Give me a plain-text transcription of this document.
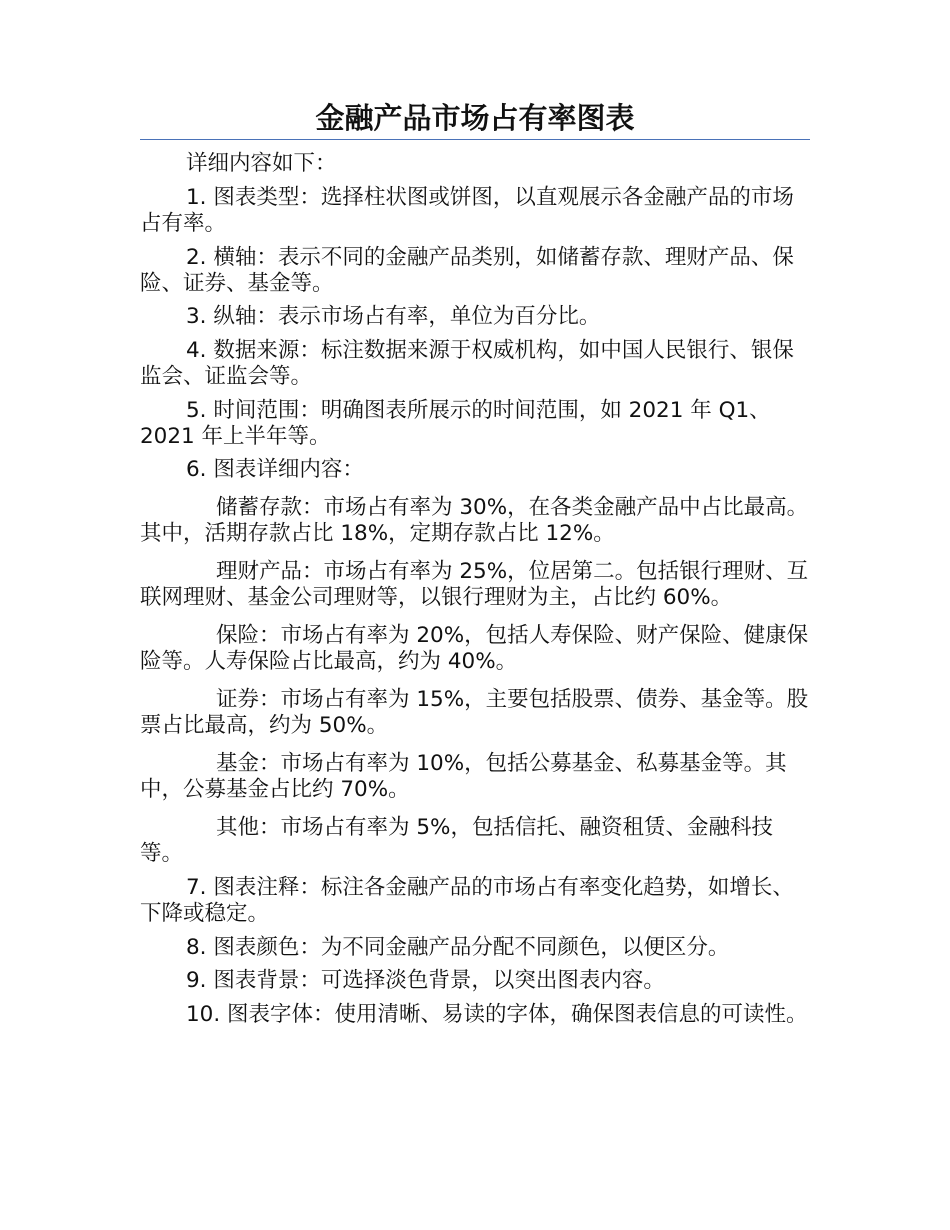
金融产品市场占有率图表

详细内容如下：

1. 图表类型：选择柱状图或饼图，以直观展示各金融产品的市场占有率。

2. 横轴：表示不同的金融产品类别，如储蓄存款、理财产品、保险、证券、基金等。

3. 纵轴：表示市场占有率，单位为百分比。

4. 数据来源：标注数据来源于权威机构，如中国人民银行、银保监会、证监会等。

5. 时间范围：明确图表所展示的时间范围，如 2021 年 Q1、2021 年上半年等。

6. 图表详细内容：

储蓄存款：市场占有率为 30%，在各类金融产品中占比最高。其中，活期存款占比 18%，定期存款占比 12%。

理财产品：市场占有率为 25%，位居第二。包括银行理财、互联网理财、基金公司理财等，以银行理财为主，占比约 60%。

保险：市场占有率为 20%，包括人寿保险、财产保险、健康保险等。人寿保险占比最高，约为 40%。

证券：市场占有率为 15%，主要包括股票、债券、基金等。股票占比最高，约为 50%。

基金：市场占有率为 10%，包括公募基金、私募基金等。其中，公募基金占比约 70%。

其他：市场占有率为 5%，包括信托、融资租赁、金融科技等。

7. 图表注释：标注各金融产品的市场占有率变化趋势，如增长、下降或稳定。

8. 图表颜色：为不同金融产品分配不同颜色，以便区分。

9. 图表背景：可选择淡色背景，以突出图表内容。

10. 图表字体：使用清晰、易读的字体，确保图表信息的可读性。
